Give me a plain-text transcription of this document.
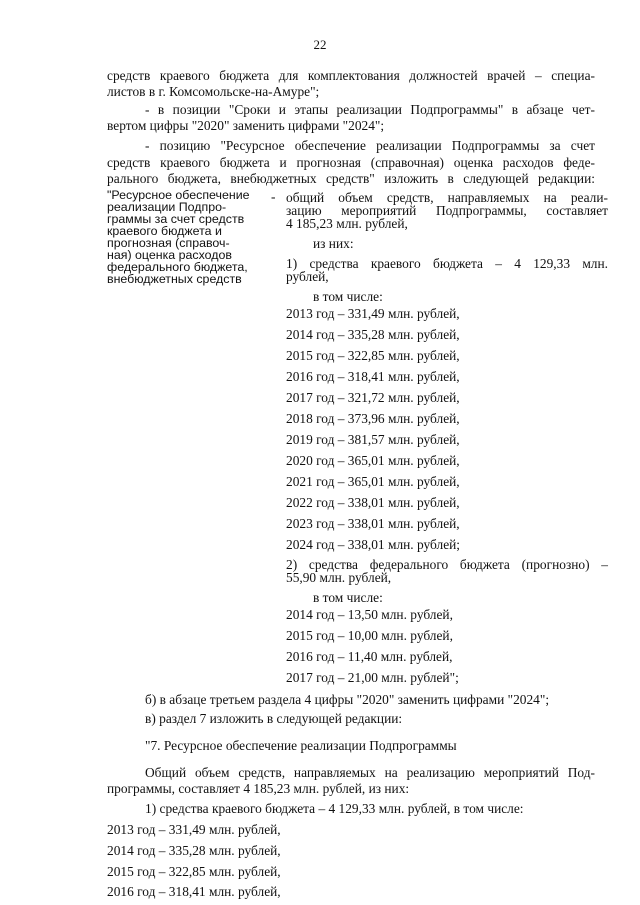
22
средств краевого бюджета для комплектования должностей врачей – специа-
листов в г. Комсомольске-на-Амуре";
- в позиции "Сроки и этапы реализации Подпрограммы" в абзаце чет-
вертом цифры "2020" заменить цифрами "2024";
- позицию "Ресурсное обеспечение реализации Подпрограммы за счет
средств краевого бюджета и прогнозная (справочная) оценка расходов феде-
рального бюджета, внебюджетных средств" изложить в следующей редакции:
"Ресурсное обеспечение
реализации Подпро-
граммы за счет средств
краевого бюджета и
прогнозная (справоч-
ная) оценка расходов
федерального бюджета,
внебюджетных средств
- общий объем средств, направляемых на реали-
зацию мероприятий Подпрограммы, составляет
4 185,23 млн. рублей,
из них:
1) средства краевого бюджета – 4 129,33 млн.
рублей,
в том числе:
2013 год – 331,49 млн. рублей,
2014 год – 335,28 млн. рублей,
2015 год – 322,85 млн. рублей,
2016 год – 318,41 млн. рублей,
2017 год – 321,72 млн. рублей,
2018 год – 373,96 млн. рублей,
2019 год – 381,57 млн. рублей,
2020 год – 365,01 млн. рублей,
2021 год – 365,01 млн. рублей,
2022 год – 338,01 млн. рублей,
2023 год – 338,01 млн. рублей,
2024 год – 338,01 млн. рублей;
2) средства федерального бюджета (прогнозно) –
55,90 млн. рублей,
в том числе:
2014 год – 13,50 млн. рублей,
2015 год – 10,00 млн. рублей,
2016 год – 11,40 млн. рублей,
2017 год – 21,00 млн. рублей";
б) в абзаце третьем раздела 4 цифры "2020" заменить цифрами "2024";
в) раздел 7 изложить в следующей редакции:
"7. Ресурсное обеспечение реализации Подпрограммы
Общий объем средств, направляемых на реализацию мероприятий Под-
программы, составляет 4 185,23 млн. рублей, из них:
1) средства краевого бюджета – 4 129,33 млн. рублей, в том числе:
2013 год – 331,49 млн. рублей,
2014 год – 335,28 млн. рублей,
2015 год – 322,85 млн. рублей,
2016 год – 318,41 млн. рублей,
